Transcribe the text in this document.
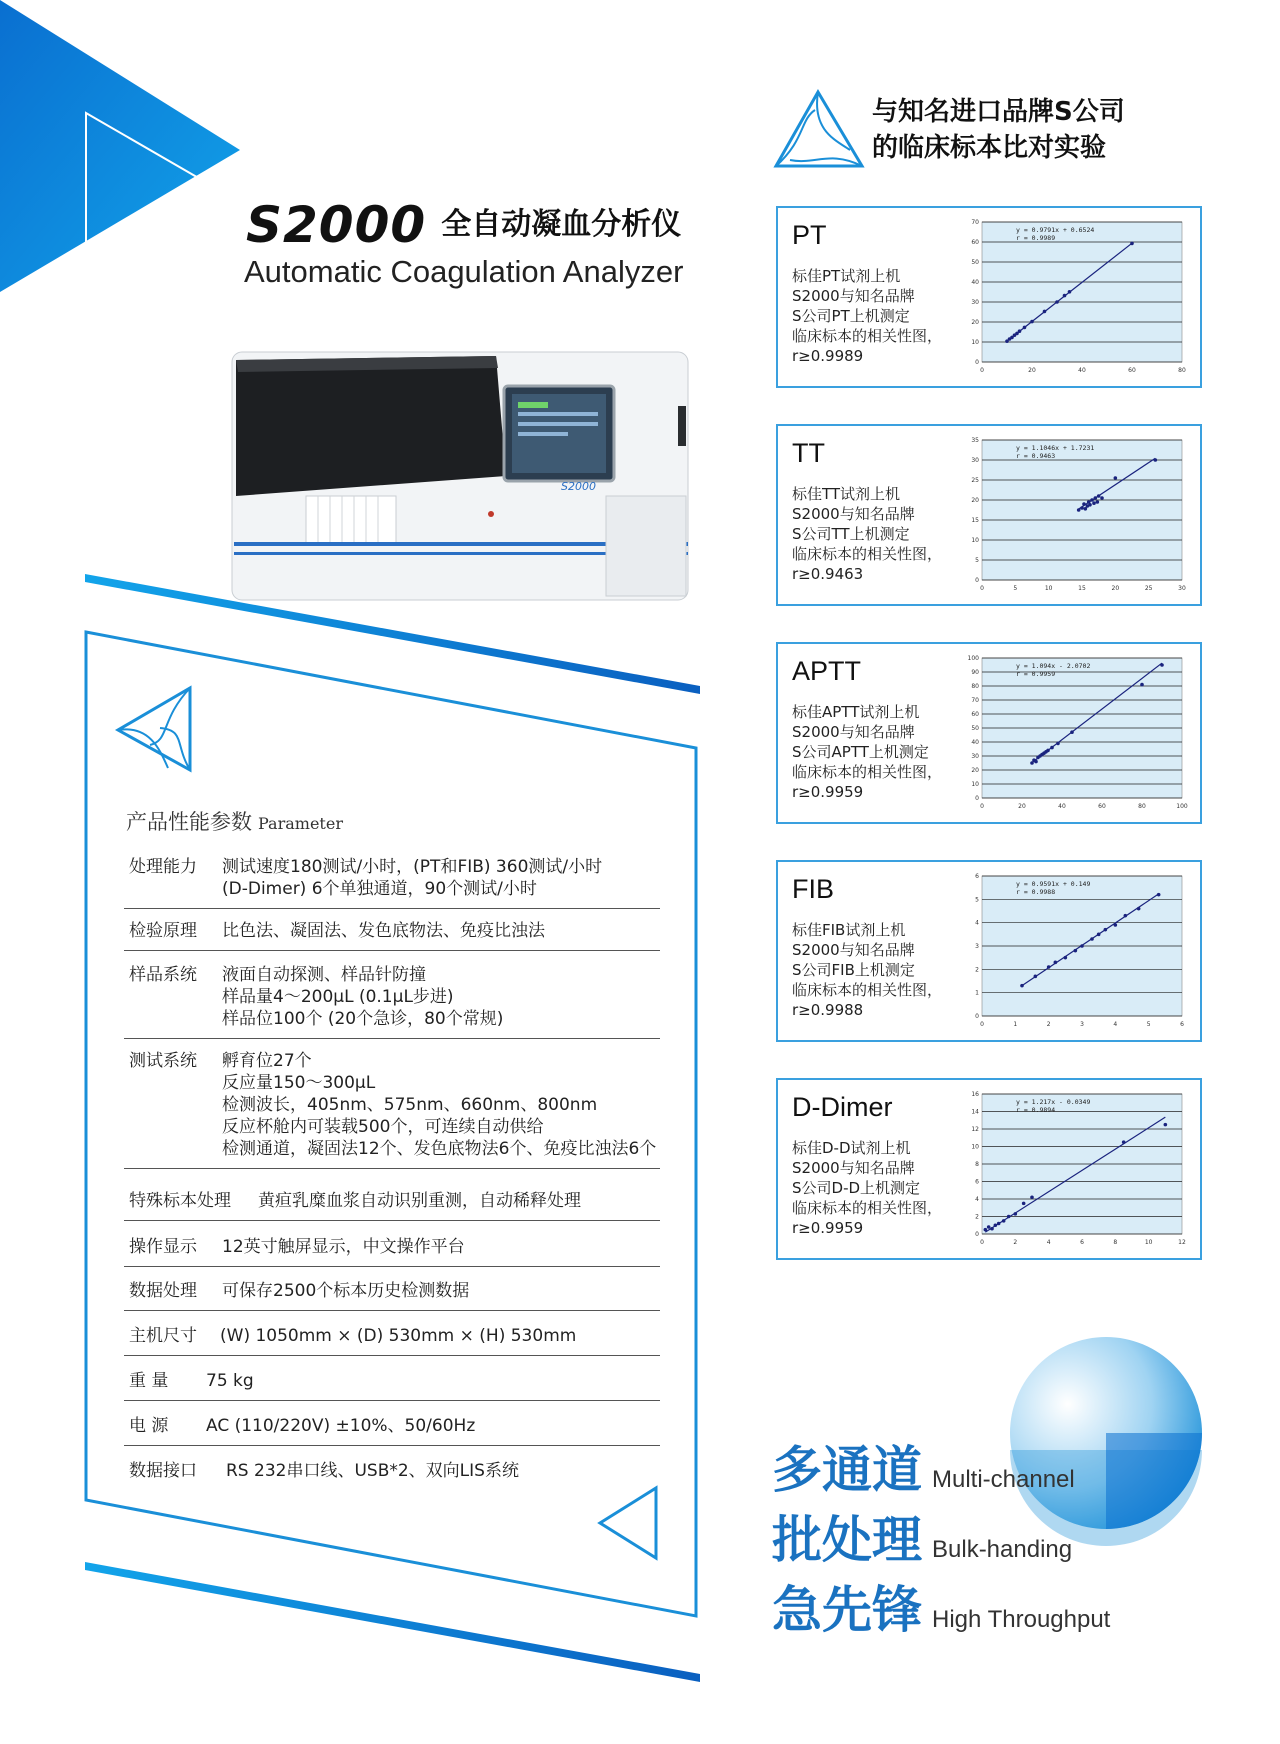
S2000 全自动凝血分析仪
Automatic Coagulation Analyzer
S2000
与知名进口品牌S公司
的临床标本比对实验
产品性能参数 Parameter
处理能力 测试速度180测试/小时，(PT和FIB) 360测试/小时
(D-Dimer) 6个单独通道，90个测试/小时
检验原理 比色法、凝固法、发色底物法、免疫比浊法
样品系统 液面自动探测、样品针防撞
样品量4～200μL (0.1μL步进)
样品位100个 (20个急诊，80个常规)
测试系统 孵育位27个
反应量150～300μL
检测波长，405nm、575nm、660nm、800nm
反应杯舱内可装载500个，可连续自动供给
检测通道，凝固法12个、发色底物法6个、免疫比浊法6个
特殊标本处理 黄疸乳糜血浆自动识别重测，自动稀释处理
操作显示 12英寸触屏显示，中文操作平台
数据处理 可保存2500个标本历史检测数据
主机尺寸 (W) 1050mm × (D) 530mm × (H) 530mm
重 量 75 kg
电 源 AC (110/220V) ±10%、50/60Hz
数据接口 RS 232串口线、USB*2、双向LIS系统
PT
标佳PT试剂上机
S2000与知名品牌
S公司PT上机测定
临床标本的相关性图，
r≥0.9989	0
10
20
30
40
50
60
70
0	20	40	60	80
y = 0.9791x + 0.6524
r = 0.9989
TT
标佳TT试剂上机
S2000与知名品牌
S公司TT上机测定
临床标本的相关性图，
r≥0.9463	0
5
10
15
20
25
30
35
0	5	10	15	20	25	30
y = 1.1046x + 1.7231
r = 0.9463
APTT
标佳APTT试剂上机
S2000与知名品牌
S公司APTT上机测定
临床标本的相关性图，
r≥0.9959	0
10
20
30
40
50
60
70
80
90
100
0	20	40	60	80	100
y = 1.094x - 2.0702
r = 0.9959
FIB
标佳FIB试剂上机
S2000与知名品牌
S公司FIB上机测定
临床标本的相关性图，
r≥0.9988	0
1
2
3
4
5
6
0	1	2	3	4	5	6
y = 0.9591x + 0.149
r = 0.9988
D-Dimer
标佳D-D试剂上机
S2000与知名品牌
S公司D-D上机测定
临床标本的相关性图，
r≥0.9959	0
2
4
6
8
10
12
14
16
0	2	4	6	8	10	12
y = 1.217x - 0.0349
r = 0.9894
多通道 Multi-channel
批处理 Bulk-handing
急先锋 High Throughput
